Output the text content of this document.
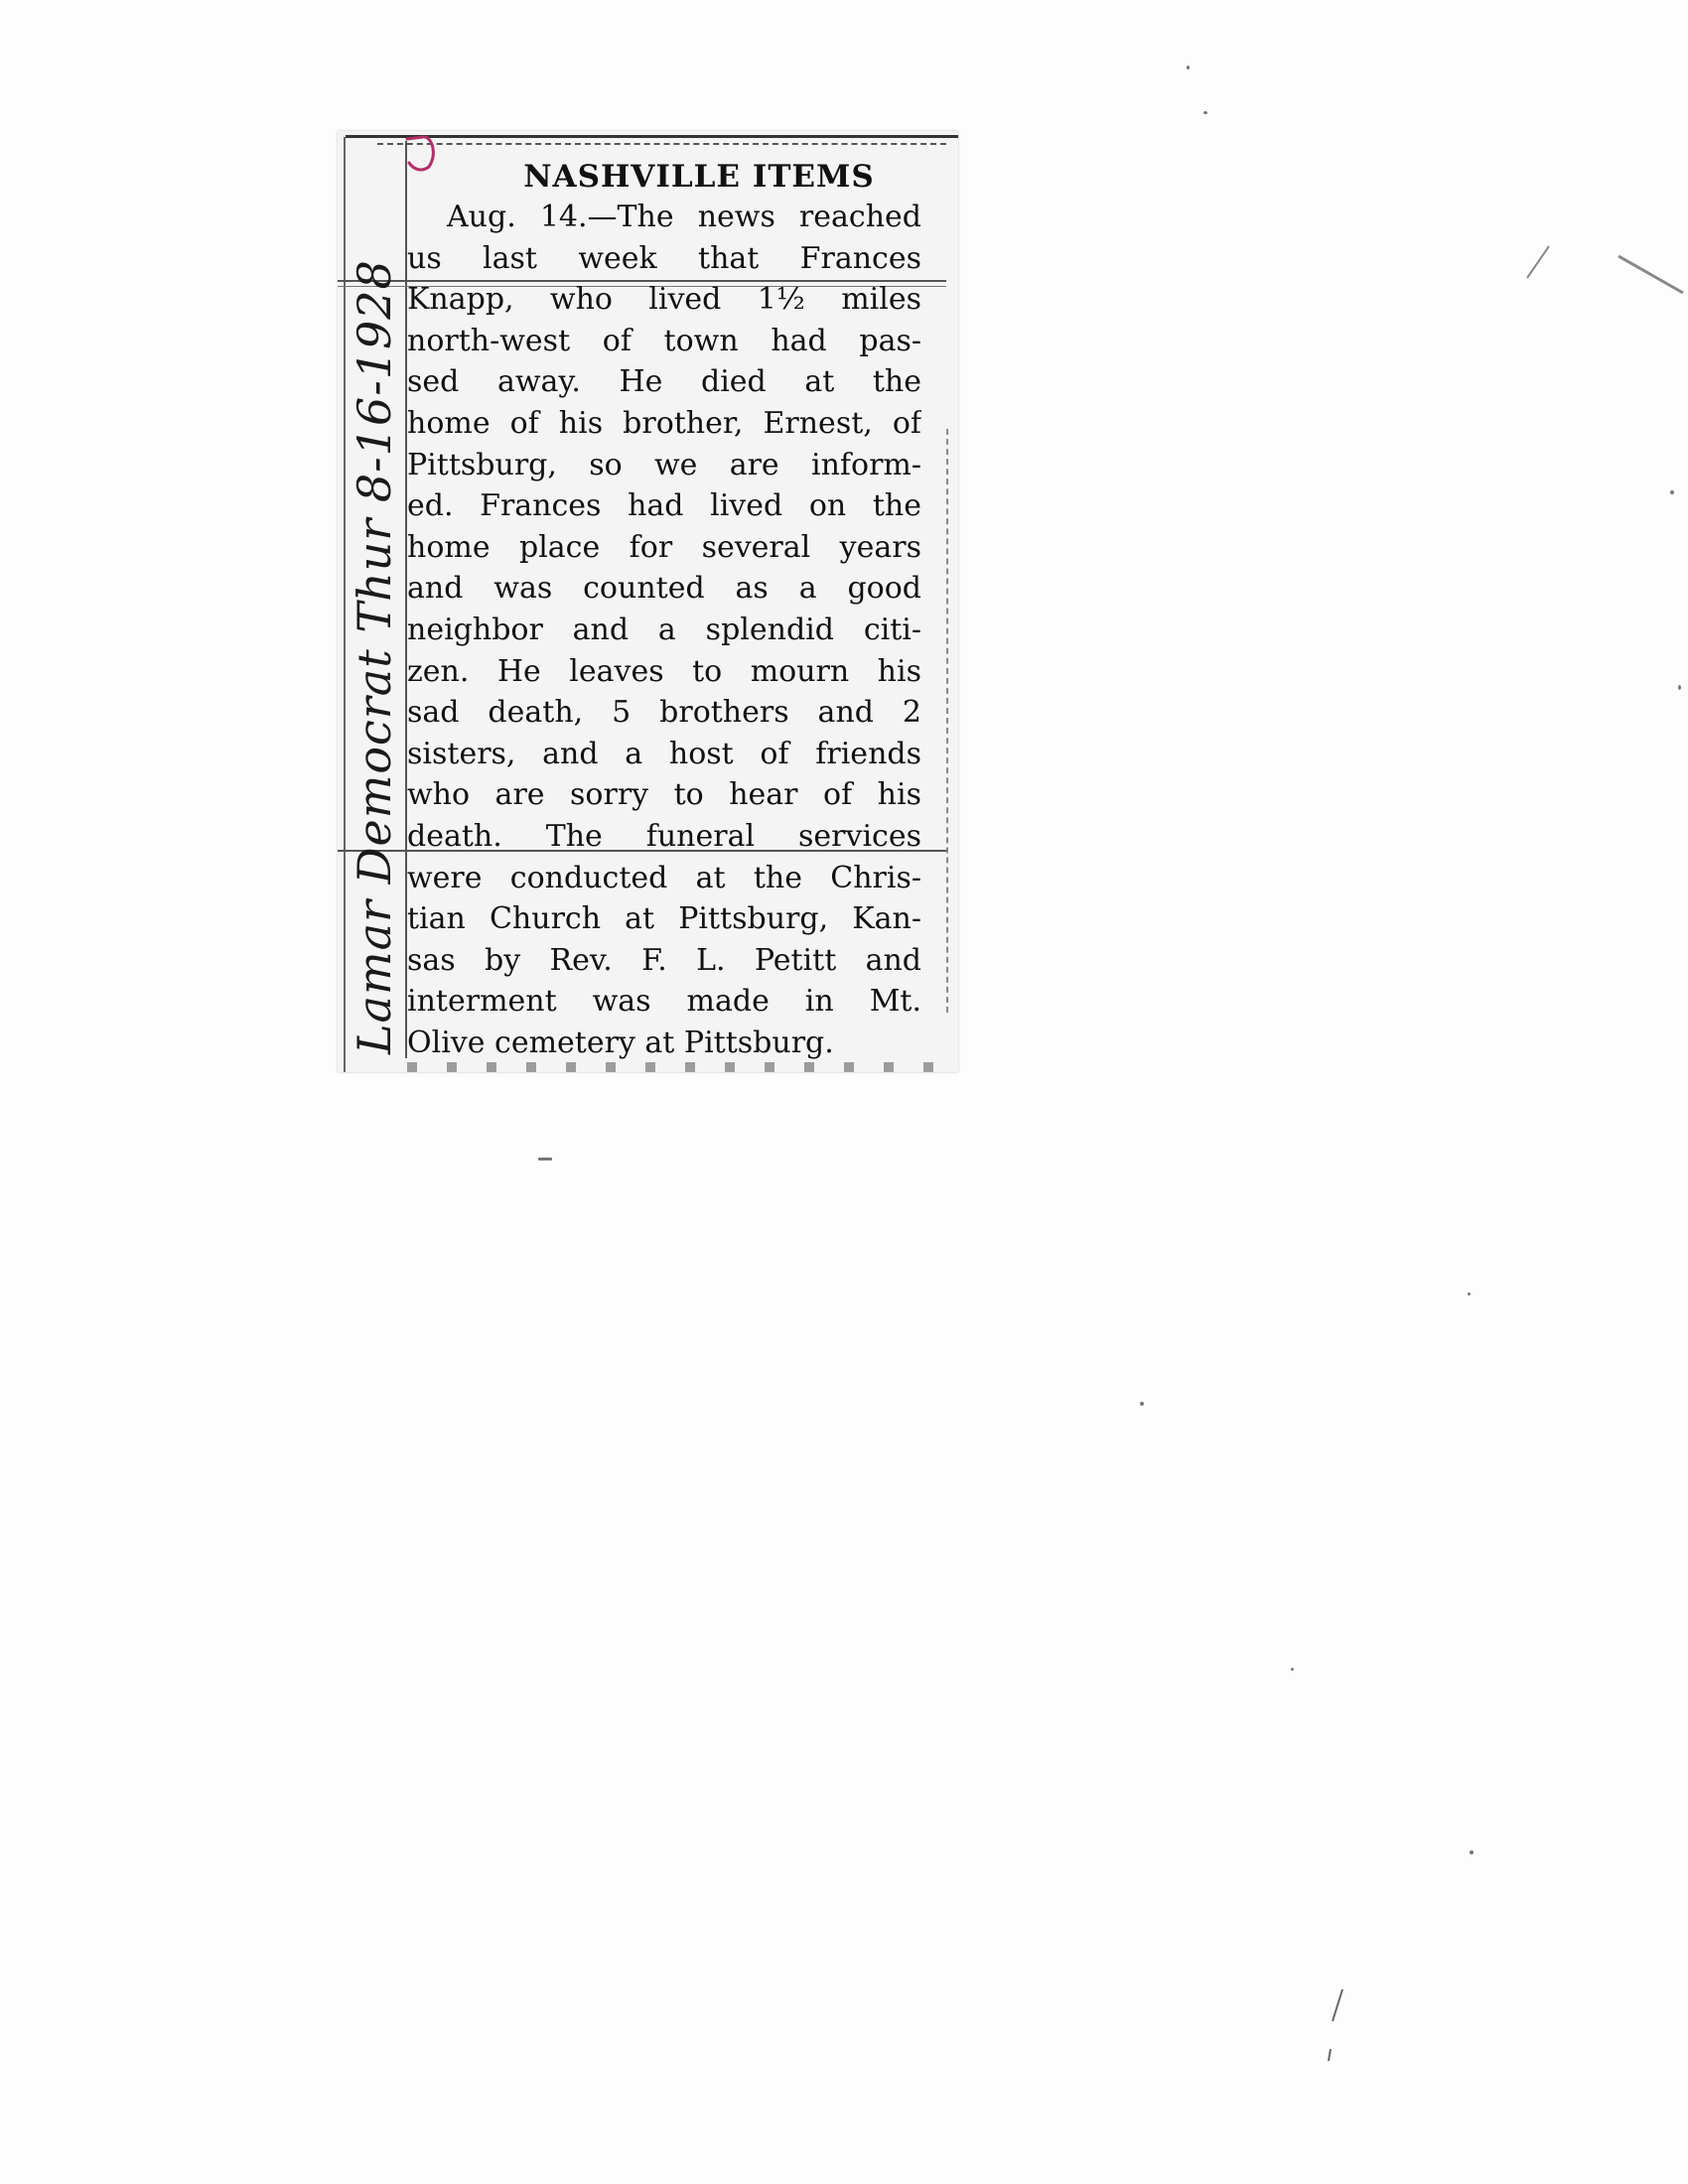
Lamar Democrat Thur 8-16-1928
NASHVILLE ITEMS
Aug. 14.—The news reached
us last week that Frances
Knapp, who lived 1½ miles
north-west of town had pas-
sed away. He died at the
home of his brother, Ernest, of
Pittsburg, so we are inform-
ed. Frances had lived on the
home place for several years
and was counted as a good
neighbor and a splendid citi-
zen. He leaves to mourn his
sad death, 5 brothers and 2
sisters, and a host of friends
who are sorry to hear of his
death. The funeral services
were conducted at the Chris-
tian Church at Pittsburg, Kan-
sas by Rev. F. L. Petitt and
interment was made in Mt.
Olive cemetery at Pittsburg.
